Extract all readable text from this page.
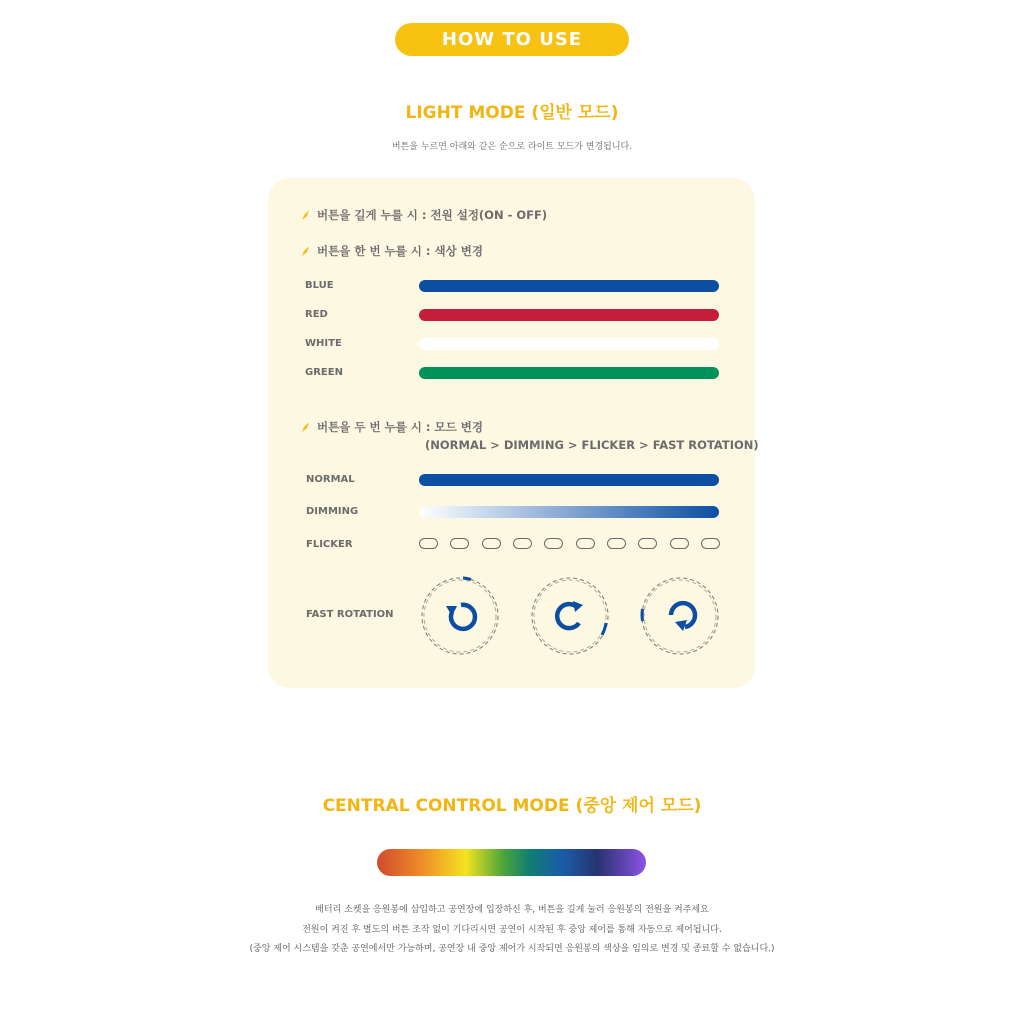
HOW TO USE
LIGHT MODE (일반 모드)
버튼을 누르면 아래와 같은 순으로 라이트 모드가 변경됩니다.
버튼을 길게 누를 시 : 전원 설정(ON - OFF)
버튼을 한 번 누를 시 : 색상 변경
BLUE
RED
WHITE
GREEN
버튼을 두 번 누를 시 : 모드 변경
(NORMAL > DIMMING > FLICKER > FAST ROTATION)
NORMAL
DIMMING
FLICKER
FAST ROTATION
CENTRAL CONTROL MODE (중앙 제어 모드)
배터리 소켓을 응원봉에 삽입하고 공연장에 입장하신 후, 버튼을 길게 눌러 응원봉의 전원을 켜주세요
전원이 켜진 후 별도의 버튼 조작 없이 기다리시면 공연이 시작된 후 중앙 제어를 통해 자동으로 제어됩니다.
(중앙 제어 시스템을 갖춘 공연에서만 가능하며, 공연장 내 중앙 제어가 시작되면 응원봉의 색상을 임의로 변경 및 종료할 수 없습니다.)
